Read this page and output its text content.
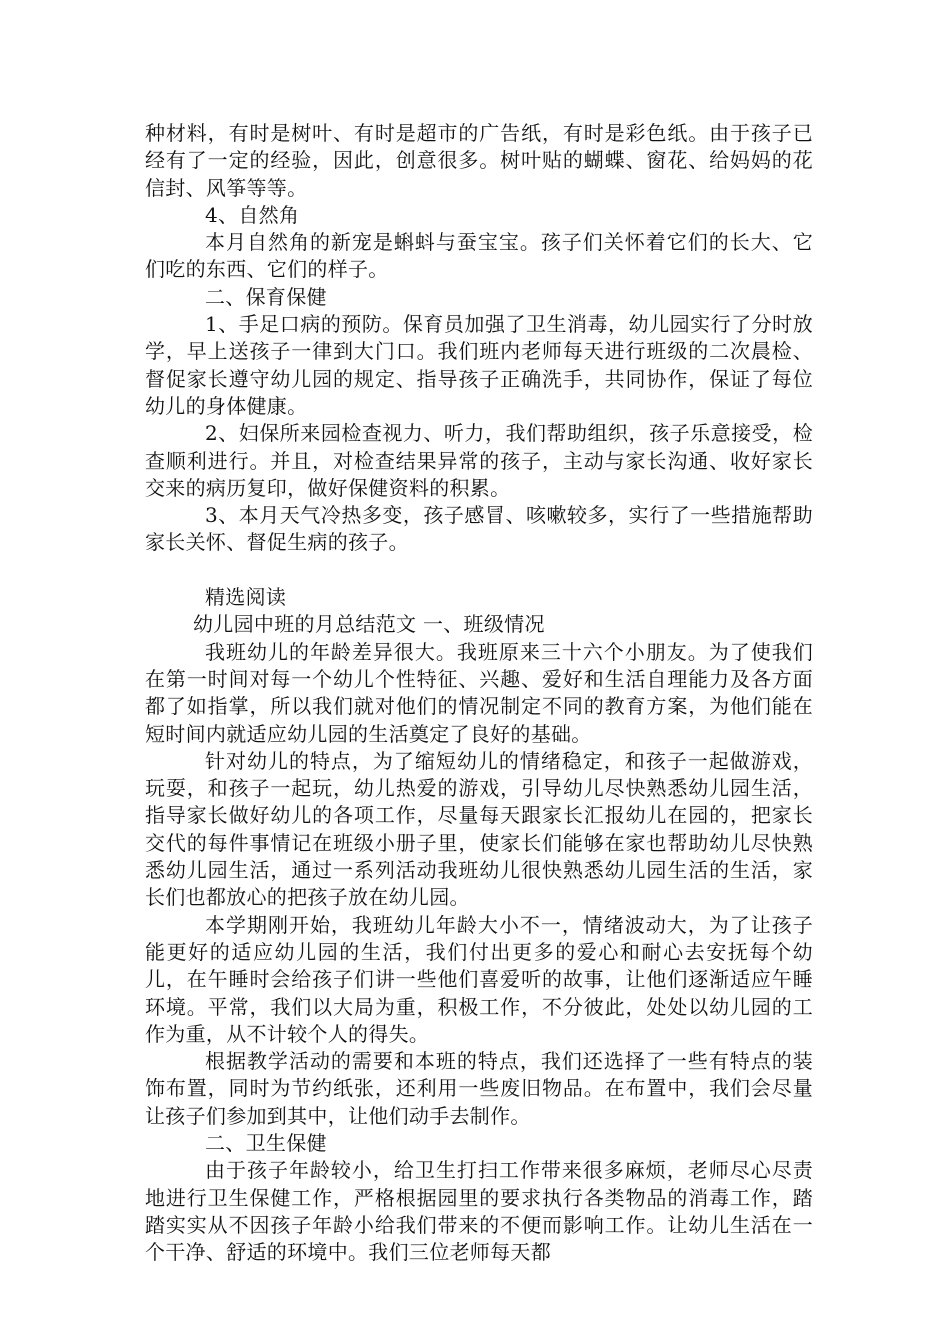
种材料，有时是树叶、有时是超市的广告纸，有时是彩色纸。由于孩子已经有了一定的经验，因此，创意很多。树叶贴的蝴蝶、窗花、给妈妈的花信封、风筝等等。

4、自然角

本月自然角的新宠是蝌蚪与蚕宝宝。孩子们关怀着它们的长大、它们吃的东西、它们的样子。

二、保育保健

1、手足口病的预防。保育员加强了卫生消毒，幼儿园实行了分时放学，早上送孩子一律到大门口。我们班内老师每天进行班级的二次晨检、督促家长遵守幼儿园的规定、指导孩子正确洗手，共同协作，保证了每位幼儿的身体健康。

2、妇保所来园检查视力、听力，我们帮助组织，孩子乐意接受，检查顺利进行。并且，对检查结果异常的孩子，主动与家长沟通、收好家长交来的病历复印，做好保健资料的积累。

3、本月天气冷热多变，孩子感冒、咳嗽较多，实行了一些措施帮助家长关怀、督促生病的孩子。

精选阅读

幼儿园中班的月总结范文 一、班级情况

我班幼儿的年龄差异很大。我班原来三十六个小朋友。为了使我们在第一时间对每一个幼儿个性特征、兴趣、爱好和生活自理能力及各方面都了如指掌，所以我们就对他们的情况制定不同的教育方案，为他们能在短时间内就适应幼儿园的生活奠定了良好的基础。

针对幼儿的特点，为了缩短幼儿的情绪稳定，和孩子一起做游戏，玩耍，和孩子一起玩，幼儿热爱的游戏，引导幼儿尽快熟悉幼儿园生活，指导家长做好幼儿的各项工作，尽量每天跟家长汇报幼儿在园的，把家长交代的每件事情记在班级小册子里，使家长们能够在家也帮助幼儿尽快熟悉幼儿园生活，通过一系列活动我班幼儿很快熟悉幼儿园生活的生活，家长们也都放心的把孩子放在幼儿园。

本学期刚开始，我班幼儿年龄大小不一，情绪波动大，为了让孩子能更好的适应幼儿园的生活，我们付出更多的爱心和耐心去安抚每个幼儿，在午睡时会给孩子们讲一些他们喜爱听的故事，让他们逐渐适应午睡环境。平常，我们以大局为重，积极工作，不分彼此，处处以幼儿园的工作为重，从不计较个人的得失。

根据教学活动的需要和本班的特点，我们还选择了一些有特点的装饰布置，同时为节约纸张，还利用一些废旧物品。在布置中，我们会尽量让孩子们参加到其中，让他们动手去制作。

二、卫生保健

由于孩子年龄较小，给卫生打扫工作带来很多麻烦，老师尽心尽责地进行卫生保健工作，严格根据园里的要求执行各类物品的消毒工作，踏踏实实从不因孩子年龄小给我们带来的不便而影响工作。让幼儿生活在一个干净、舒适的环境中。我们三位老师每天都
